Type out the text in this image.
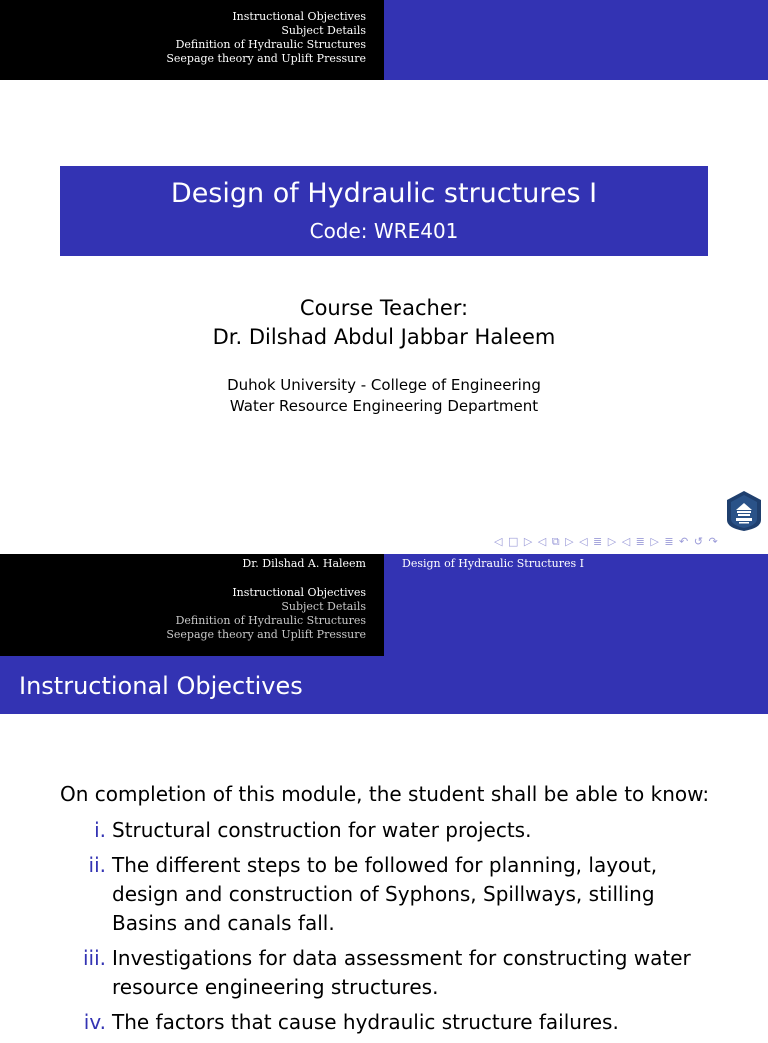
Instructional Objectives
Subject Details
Definition of Hydraulic Structures
Seepage theory and Uplift Pressure
Design of Hydraulic structures I
Code: WRE401
Course Teacher:
Dr. Dilshad Abdul Jabbar Haleem
Duhok University - College of Engineering
Water Resource Engineering Department
◁ □ ▷ ◁ ⧉ ▷ ◁ ≣ ▷ ◁ ≣ ▷ ≣ ↶ ↺ ↷
Dr. Dilshad A. Haleem
Instructional Objectives
Subject Details
Definition of Hydraulic Structures
Seepage theory and Uplift Pressure
Design of Hydraulic Structures I
Instructional Objectives
On completion of this module, the student shall be able to know:
i. Structural construction for water projects.
ii. The different steps to be followed for planning, layout, design and construction of Syphons, Spillways, stilling Basins and canals fall.
iii. Investigations for data assessment for constructing water resource engineering structures.
iv. The factors that cause hydraulic structure failures.
